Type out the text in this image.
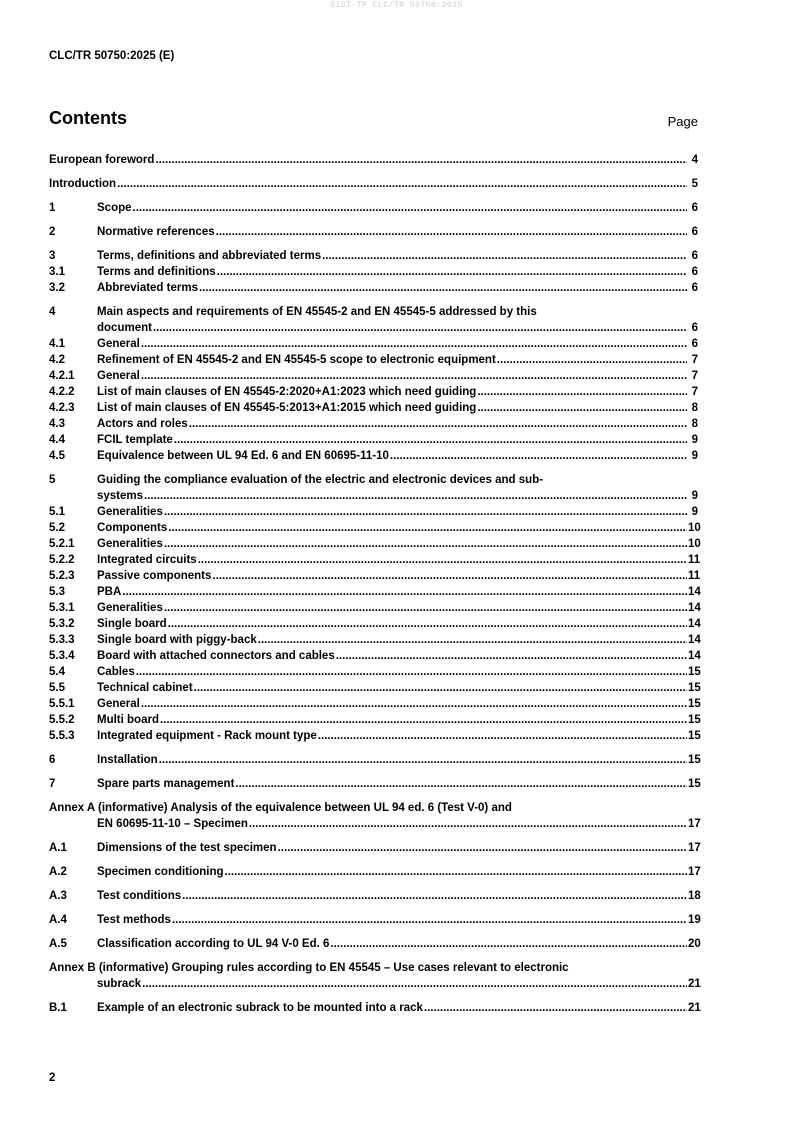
SIST-TP CLC/TR 50750:2025
CLC/TR 50750:2025 (E)
Contents	Page
European foreword .....	4
Introduction .....	5
1	Scope .....	6
2	Normative references .....	6
3	Terms, definitions and abbreviated terms .....	6
3.1	Terms and definitions .....	6
3.2	Abbreviated terms .....	6
4	Main aspects and requirements of EN 45545-2 and EN 45545-5 addressed by this
document .....	6
4.1	General .....	6
4.2	Refinement of EN 45545-2 and EN 45545-5 scope to electronic equipment .....	7
4.2.1	General .....	7
4.2.2	List of main clauses of EN 45545-2:2020+A1:2023 which need guiding .....	7
4.2.3	List of main clauses of EN 45545-5:2013+A1:2015 which need guiding .....	8
4.3	Actors and roles .....	8
4.4	FCIL template .....	9
4.5	Equivalence between UL 94 Ed. 6 and EN 60695-11-10 .....	9
5	Guiding the compliance evaluation of the electric and electronic devices and sub-
systems .....	9
5.1	Generalities .....	9
5.2	Components .....	10
5.2.1	Generalities .....	10
5.2.2	Integrated circuits .....	11
5.2.3	Passive components .....	11
5.3	PBA .....	14
5.3.1	Generalities .....	14
5.3.2	Single board .....	14
5.3.3	Single board with piggy-back .....	14
5.3.4	Board with attached connectors and cables .....	14
5.4	Cables .....	15
5.5	Technical cabinet .....	15
5.5.1	General .....	15
5.5.2	Multi board .....	15
5.5.3	Integrated equipment - Rack mount type .....	15
6	Installation .....	15
7	Spare parts management .....	15
Annex A (informative) Analysis of the equivalence between UL 94 ed. 6 (Test V-0) and
EN 60695-11-10 – Specimen .....	17
A.1	Dimensions of the test specimen .....	17
A.2	Specimen conditioning .....	17
A.3	Test conditions .....	18
A.4	Test methods .....	19
A.5	Classification according to UL 94 V-0 Ed. 6 .....	20
Annex B (informative) Grouping rules according to EN 45545 – Use cases relevant to electronic
subrack .....	21
B.1	Example of an electronic subrack to be mounted into a rack .....	21
2
